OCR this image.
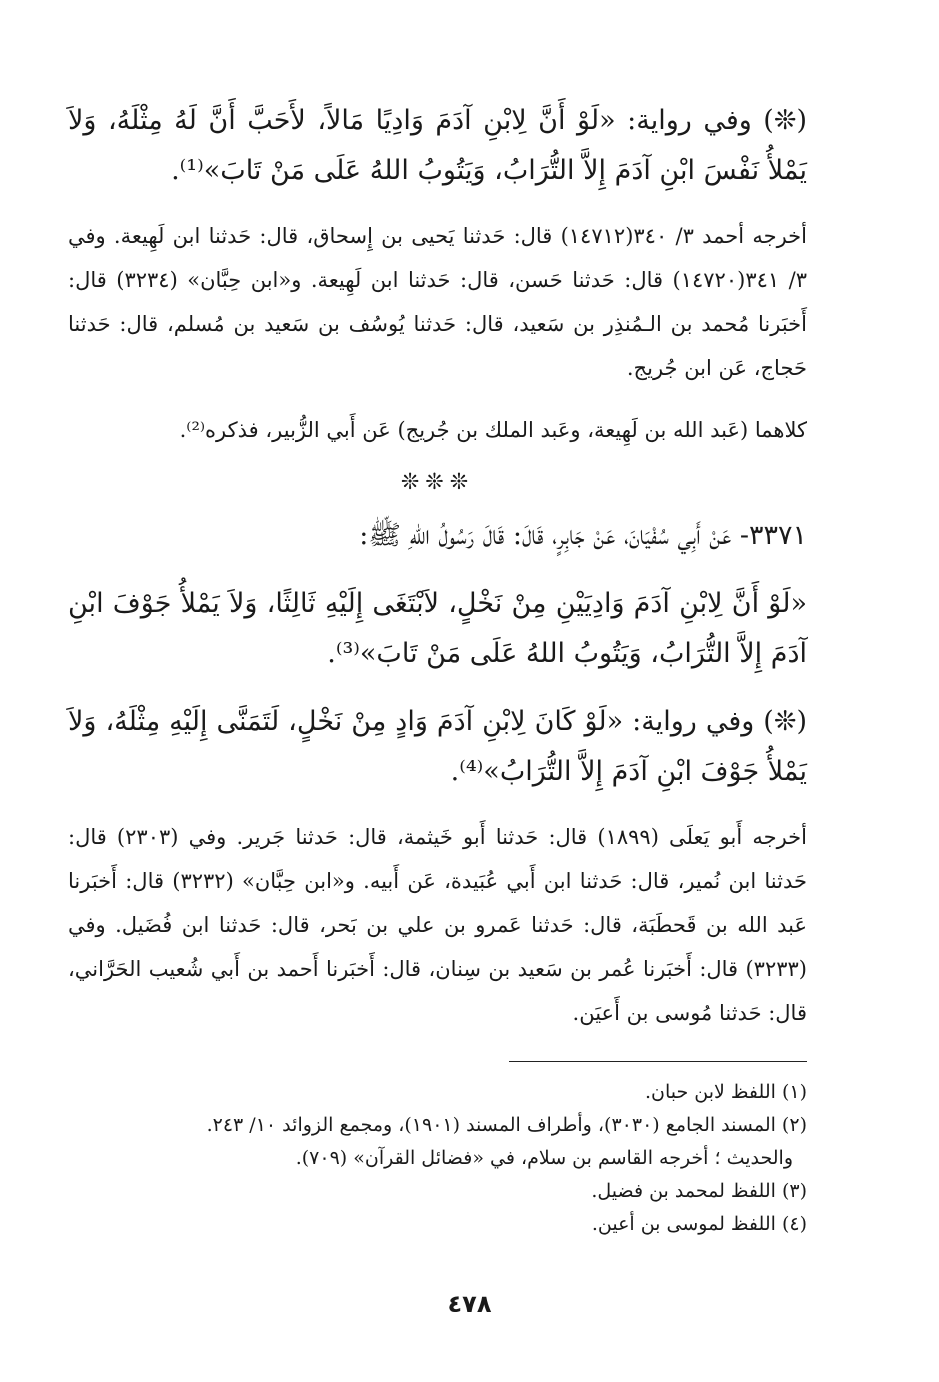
(❊) وفي رواية: «لَوْ أَنَّ لِابْنِ آدَمَ وَادِيًا مَالاً، لأَحَبَّ أَنَّ لَهُ مِثْلَهُ، وَلاَ يَمْلأُ نَفْسَ ابْنِ آدَمَ إِلاَّ التُّرَابُ، وَيَتُوبُ اللهُ عَلَى مَنْ تَابَ»⁽¹⁾.

أخرجه أحمد ٣/ ٣٤٠(١٤٧١٢) قال: حَدثنا يَحيى بن إِسحاق، قال: حَدثنا ابن لَهِيعة. وفي ٣/ ٣٤١(١٤٧٢٠) قال: حَدثنا حَسن، قال: حَدثنا ابن لَهِيعة. و«ابن حِبَّان» (٣٢٣٤) قال: أَخبَرنا مُحمد بن الـمُنذِر بن سَعيد، قال: حَدثنا يُوسُف بن سَعيد بن مُسلم، قال: حَدثنا حَجاج، عَن ابن جُريج.

كلاهما (عَبد الله بن لَهِيعة، وعَبد الملك بن جُريج) عَن أَبي الزُّبير، فذكره⁽²⁾.

❊❊❊

٣٣٧١- عَنْ أَبِي سُفْيَانَ، عَنْ جَابِرٍ، قَالَ: قَالَ رَسُولُ اللهِ ﷺ:

«لَوْ أَنَّ لِابْنِ آدَمَ وَادِيَيْنِ مِنْ نَخْلٍ، لاَبْتَغَى إِلَيْهِ ثَالِثًا، وَلاَ يَمْلأُ جَوْفَ ابْنِ آدَمَ إِلاَّ التُّرَابُ، وَيَتُوبُ اللهُ عَلَى مَنْ تَابَ»⁽³⁾.

(❊) وفي رواية: «لَوْ كَانَ لِابْنِ آدَمَ وَادٍ مِنْ نَخْلٍ، لَتَمَنَّى إِلَيْهِ مِثْلَهُ، وَلاَ يَمْلأُ جَوْفَ ابْنِ آدَمَ إِلاَّ التُّرَابُ»⁽⁴⁾.

أخرجه أَبو يَعلَى (١٨٩٩) قال: حَدثنا أَبو خَيثمة، قال: حَدثنا جَرير. وفي (٢٣٠٣) قال: حَدثنا ابن نُمير، قال: حَدثنا ابن أَبي عُبَيدة، عَن أَبيه. و«ابن حِبَّان» (٣٢٣٢) قال: أَخبَرنا عَبد الله بن قَحطَبَة، قال: حَدثنا عَمرو بن علي بن بَحر، قال: حَدثنا ابن فُضَيل. وفي (٣٢٣٣) قال: أَخبَرنا عُمر بن سَعيد بن سِنان، قال: أَخبَرنا أَحمد بن أَبي شُعيب الحَرَّاني، قال: حَدثنا مُوسى بن أَعيَن.

(١) اللفظ لابن حبان.

(٢) المسند الجامع (٣٠٣٠)، وأطراف المسند (١٩٠١)، ومجمع الزوائد ١٠/ ٢٤٣.

والحديث ؛ أخرجه القاسم بن سلام، في «فضائل القرآن» (٧٠٩).

(٣) اللفظ لمحمد بن فضيل.

(٤) اللفظ لموسى بن أعين.

٤٧٨
